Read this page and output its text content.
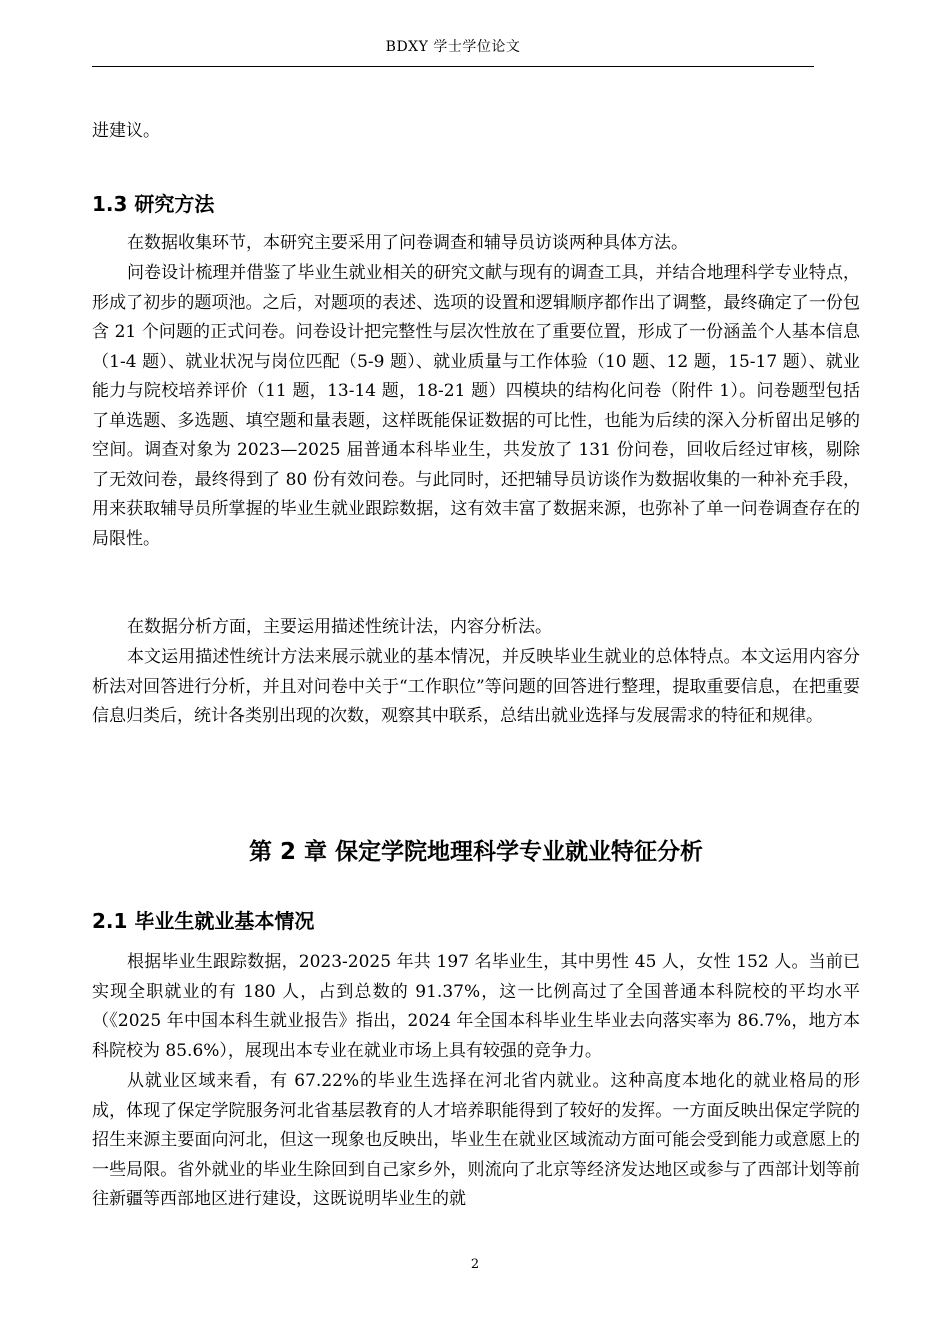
BDXY 学士学位论文

进建议。

1.3 研究方法

在数据收集环节，本研究主要采用了问卷调查和辅导员访谈两种具体方法。

问卷设计梳理并借鉴了毕业生就业相关的研究文献与现有的调查工具，并结合地理科学专业特点，形成了初步的题项池。之后，对题项的表述、选项的设置和逻辑顺序都作出了调整，最终确定了一份包含 21 个问题的正式问卷。问卷设计把完整性与层次性放在了重要位置，形成了一份涵盖个人基本信息（1-4 题）、就业状况与岗位匹配（5-9 题）、就业质量与工作体验（10 题、12 题，15-17 题）、就业能力与院校培养评价（11 题，13-14 题，18-21 题）四模块的结构化问卷（附件 1）。问卷题型包括了单选题、多选题、填空题和量表题，这样既能保证数据的可比性，也能为后续的深入分析留出足够的空间。调查对象为 2023—2025 届普通本科毕业生，共发放了 131 份问卷，回收后经过审核，剔除了无效问卷，最终得到了 80 份有效问卷。与此同时，还把辅导员访谈作为数据收集的一种补充手段，用来获取辅导员所掌握的毕业生就业跟踪数据，这有效丰富了数据来源，也弥补了单一问卷调查存在的局限性。

在数据分析方面，主要运用描述性统计法，内容分析法。

本文运用描述性统计方法来展示就业的基本情况，并反映毕业生就业的总体特点。本文运用内容分析法对回答进行分析，并且对问卷中关于“工作职位”等问题的回答进行整理，提取重要信息，在把重要信息归类后，统计各类别出现的次数，观察其中联系，总结出就业选择与发展需求的特征和规律。

第 2 章 保定学院地理科学专业就业特征分析
2.1 毕业生就业基本情况

根据毕业生跟踪数据，2023-2025 年共 197 名毕业生，其中男性 45 人，女性 152 人。当前已实现全职就业的有 180 人，占到总数的 91.37%，这一比例高过了全国普通本科院校的平均水平（《2025 年中国本科生就业报告》指出，2024 年全国本科毕业生毕业去向落实率为 86.7%，地方本科院校为 85.6%），展现出本专业在就业市场上具有较强的竞争力。

从就业区域来看，有 67.22%的毕业生选择在河北省内就业。这种高度本地化的就业格局的形成，体现了保定学院服务河北省基层教育的人才培养职能得到了较好的发挥。一方面反映出保定学院的招生来源主要面向河北，但这一现象也反映出，毕业生在就业区域流动方面可能会受到能力或意愿上的一些局限。省外就业的毕业生除回到自己家乡外，则流向了北京等经济发达地区或参与了西部计划等前往新疆等西部地区进行建设，这既说明毕业生的就

2
